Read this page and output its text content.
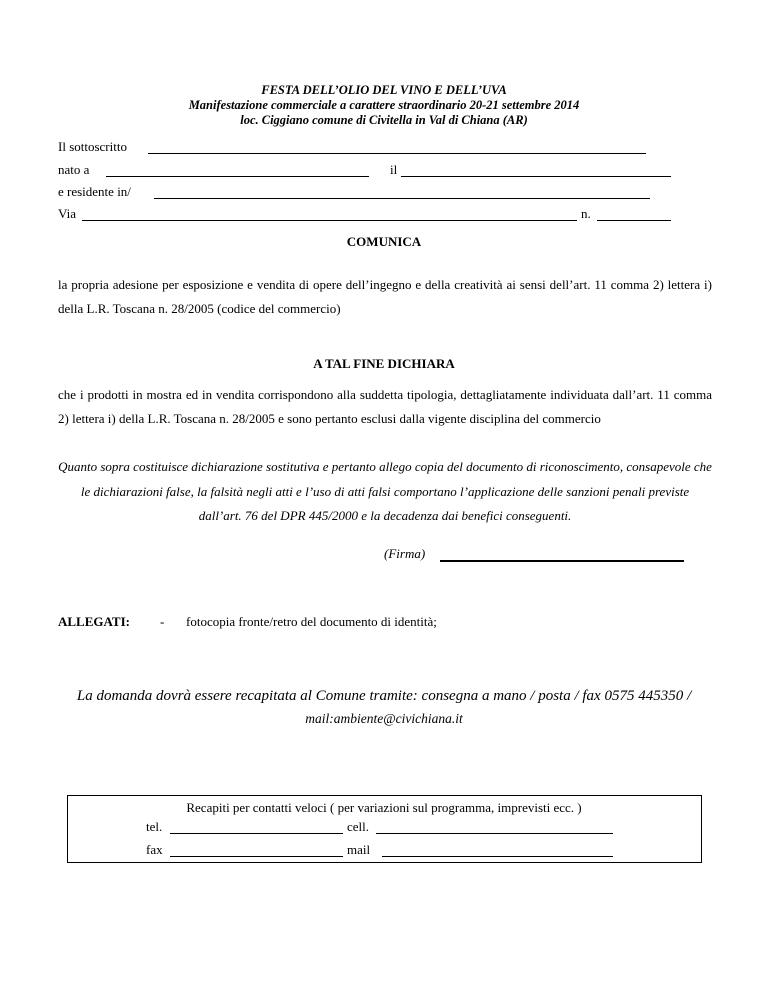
FESTA DELL’OLIO DEL VINO E DELL’UVA
Manifestazione commerciale a carattere straordinario 20-21 settembre 2014
loc. Ciggiano comune di Civitella in Val di Chiana (AR)
Il sottoscritto
nato a	il
e residente in/
Via	n.
COMUNICA
la propria adesione per esposizione e vendita di opere dell’ingegno e della creatività ai sensi dell’art. 11 comma 2) lettera i) della L.R. Toscana n. 28/2005 (codice del commercio)
A TAL FINE DICHIARA
che i prodotti in mostra ed in vendita corrispondono alla suddetta tipologia, dettagliatamente individuata dall’art. 11 comma 2) lettera i) della L.R. Toscana n. 28/2005 e sono pertanto esclusi dalla vigente disciplina del commercio
Quanto sopra costituisce dichiarazione sostitutiva e pertanto allego copia del documento di riconoscimento, consapevole che le dichiarazioni false, la falsità negli atti e l’uso di atti falsi comportano l’applicazione delle sanzioni penali previste dall’art. 76 del DPR 445/2000 e la decadenza dai benefici conseguenti.
(Firma)
ALLEGATI: - fotocopia fronte/retro del documento di identità;
La domanda dovrà essere recapitata al Comune tramite: consegna a mano / posta / fax 0575 445350 /
mail:ambiente@civichiana.it
Recapiti per contatti veloci ( per variazioni sul programma, imprevisti ecc. )
tel.	cell.
fax	mail
